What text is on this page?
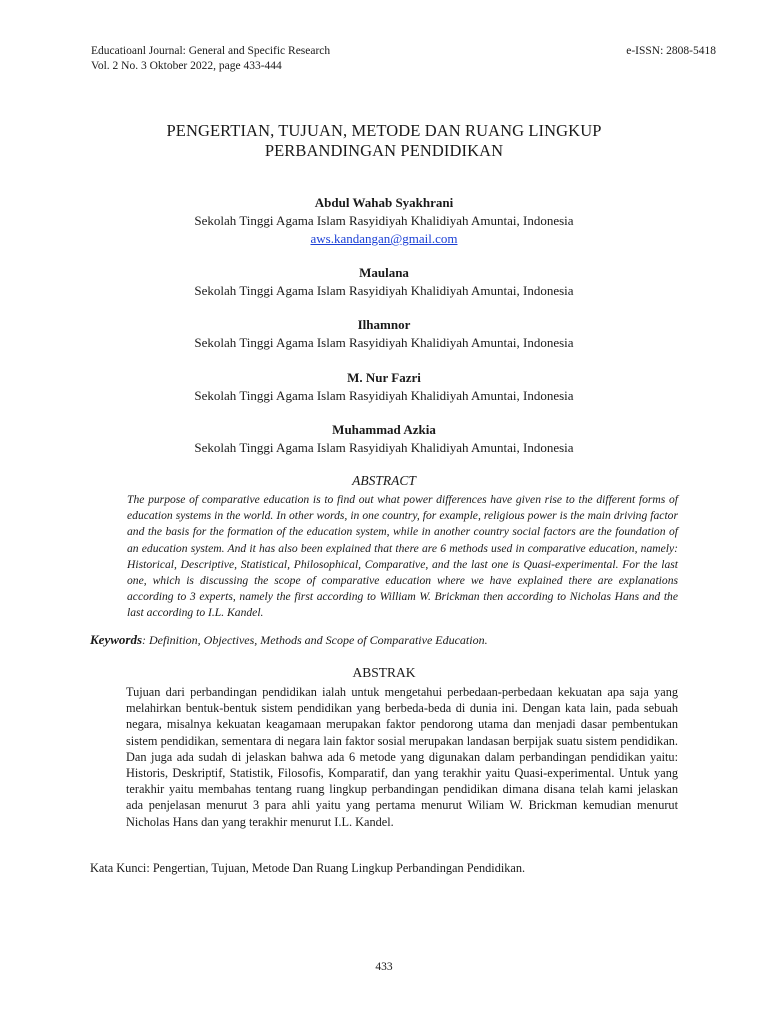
Educatioanl Journal: General and Specific Research
Vol. 2 No. 3 Oktober 2022, page 433-444
e-ISSN: 2808-5418
PENGERTIAN, TUJUAN, METODE DAN RUANG LINGKUP
PERBANDINGAN PENDIDIKAN
Abdul Wahab Syakhrani
Sekolah Tinggi Agama Islam Rasyidiyah Khalidiyah Amuntai, Indonesia
aws.kandangan@gmail.com
Maulana
Sekolah Tinggi Agama Islam Rasyidiyah Khalidiyah Amuntai, Indonesia
Ilhamnor
Sekolah Tinggi Agama Islam Rasyidiyah Khalidiyah Amuntai, Indonesia
M. Nur Fazri
Sekolah Tinggi Agama Islam Rasyidiyah Khalidiyah Amuntai, Indonesia
Muhammad Azkia
Sekolah Tinggi Agama Islam Rasyidiyah Khalidiyah Amuntai, Indonesia
ABSTRACT
The purpose of comparative education is to find out what power differences have given rise to the different forms of education systems in the world. In other words, in one country, for example, religious power is the main driving factor and the basis for the formation of the education system, while in another country social factors are the foundation of an education system. And it has also been explained that there are 6 methods used in comparative education, namely: Historical, Descriptive, Statistical, Philosophical, Comparative, and the last one is Quasi-experimental. For the last one, which is discussing the scope of comparative education where we have explained there are explanations according to 3 experts, namely the first according to William W. Brickman then according to Nicholas Hans and the last according to I.L. Kandel.
Keywords: Definition, Objectives, Methods and Scope of Comparative Education.
ABSTRAK
Tujuan dari perbandingan pendidikan ialah untuk mengetahui perbedaan-perbedaan kekuatan apa saja yang melahirkan bentuk-bentuk sistem pendidikan yang berbeda-beda di dunia ini. Dengan kata lain, pada sebuah negara, misalnya kekuatan keagamaan merupakan faktor pendorong utama dan menjadi dasar pembentukan sistem pendidikan, sementara di negara lain faktor sosial merupakan landasan berpijak suatu sistem pendidikan. Dan juga ada sudah di jelaskan bahwa ada 6 metode yang digunakan dalam perbandingan pendidikan yaitu: Historis, Deskriptif, Statistik, Filosofis, Komparatif, dan yang terakhir yaitu Quasi-experimental. Untuk yang terakhir yaitu membahas tentang ruang lingkup perbandingan pendidikan dimana disana telah kami jelaskan ada penjelasan menurut 3 para ahli yaitu yang pertama menurut Wiliam W. Brickman kemudian menurut Nicholas Hans dan yang terakhir menurut I.L. Kandel.
Kata Kunci: Pengertian, Tujuan, Metode Dan Ruang Lingkup Perbandingan Pendidikan.
433
